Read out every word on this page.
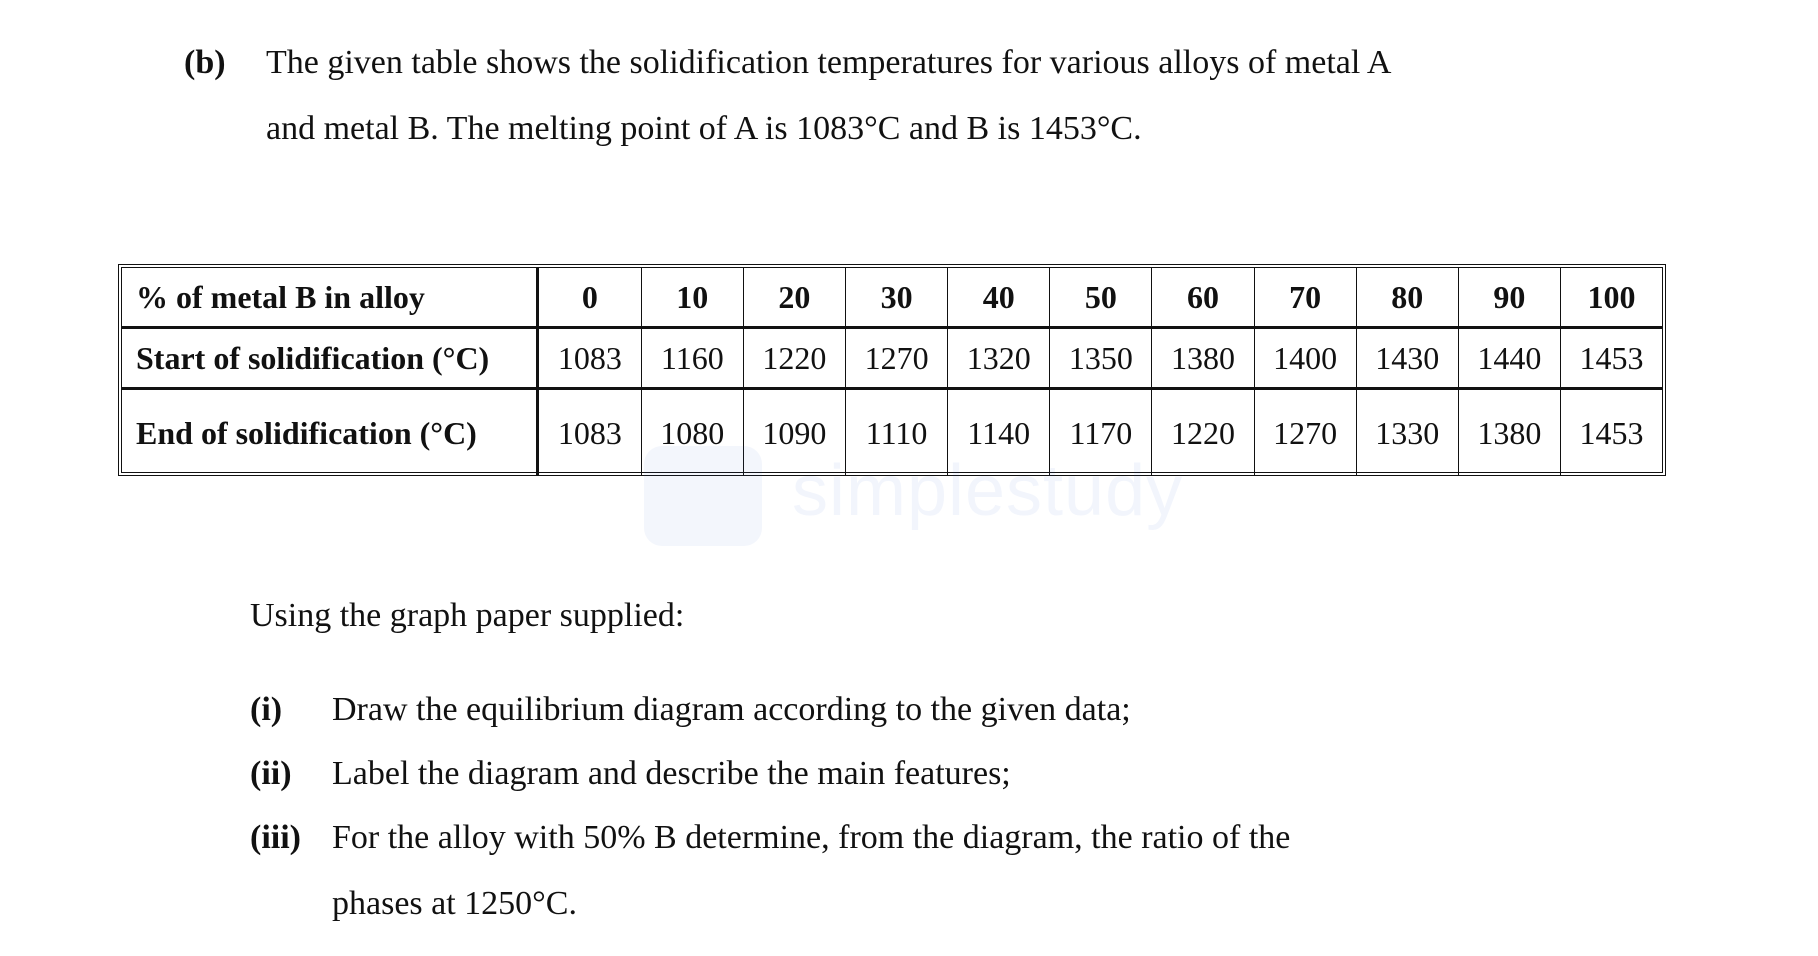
(b) The given table shows the solidification temperatures for various alloys of metal A
and metal B. The melting point of A is 1083°C and B is 1453°C.
% of metal B in alloy	0	10	20	30	40	50	60	70	80	90	100
Start of solidification (°C)	1083	1160	1220	1270	1320	1350	1380	1400	1430	1440	1453
End of solidification (°C)	1083	1080	1090	1110	1140	1170	1220	1270	1330	1380	1453
simplestudy
Using the graph paper supplied:
(i) Draw the equilibrium diagram according to the given data;
(ii) Label the diagram and describe the main features;
(iii) For the alloy with 50% B determine, from the diagram, the ratio of the
phases at 1250°C.
